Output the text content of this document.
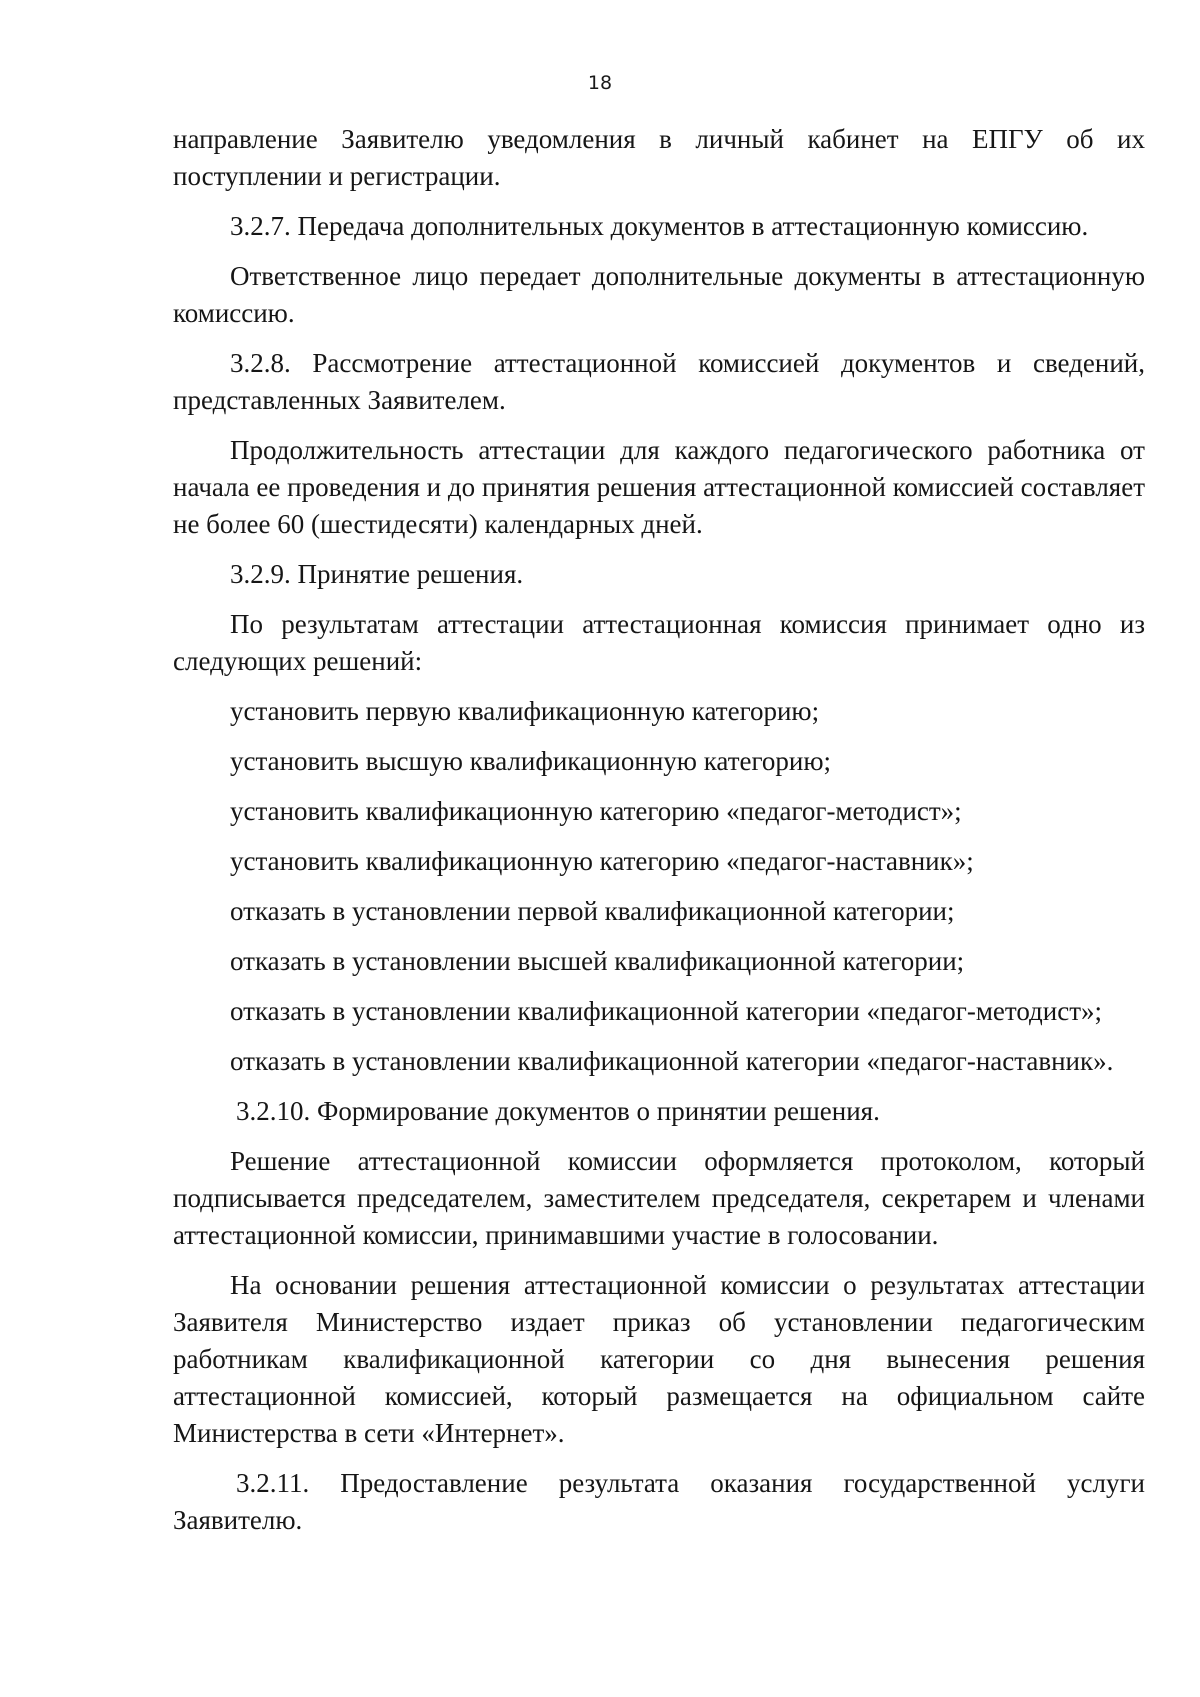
18

направление Заявителю уведомления в личный кабинет на ЕПГУ об их поступлении и регистрации.

3.2.7. Передача дополнительных документов в аттестационную комиссию.

Ответственное лицо передает дополнительные документы в аттестационную комиссию.

3.2.8. Рассмотрение аттестационной комиссией документов и сведений, представленных Заявителем.

Продолжительность аттестации для каждого педагогического работника от начала ее проведения и до принятия решения аттестационной комиссией составляет не более 60 (шестидесяти) календарных дней.

3.2.9. Принятие решения.

По результатам аттестации аттестационная комиссия принимает одно из следующих решений:

установить первую квалификационную категорию;

установить высшую квалификационную категорию;

установить квалификационную категорию «педагог-методист»;

установить квалификационную категорию «педагог-наставник»;

отказать в установлении первой квалификационной категории;

отказать в установлении высшей квалификационной категории;

отказать в установлении квалификационной категории «педагог-методист»;

отказать в установлении квалификационной категории «педагог-наставник».

3.2.10. Формирование документов о принятии решения.

Решение аттестационной комиссии оформляется протоколом, который подписывается председателем, заместителем председателя, секретарем и членами аттестационной комиссии, принимавшими участие в голосовании.

На основании решения аттестационной комиссии о результатах аттестации Заявителя Министерство издает приказ об установлении педагогическим работникам квалификационной категории со дня вынесения решения аттестационной комиссией, который размещается на официальном сайте Министерства в сети «Интернет».

3.2.11. Предоставление результата оказания государственной услуги Заявителю.
